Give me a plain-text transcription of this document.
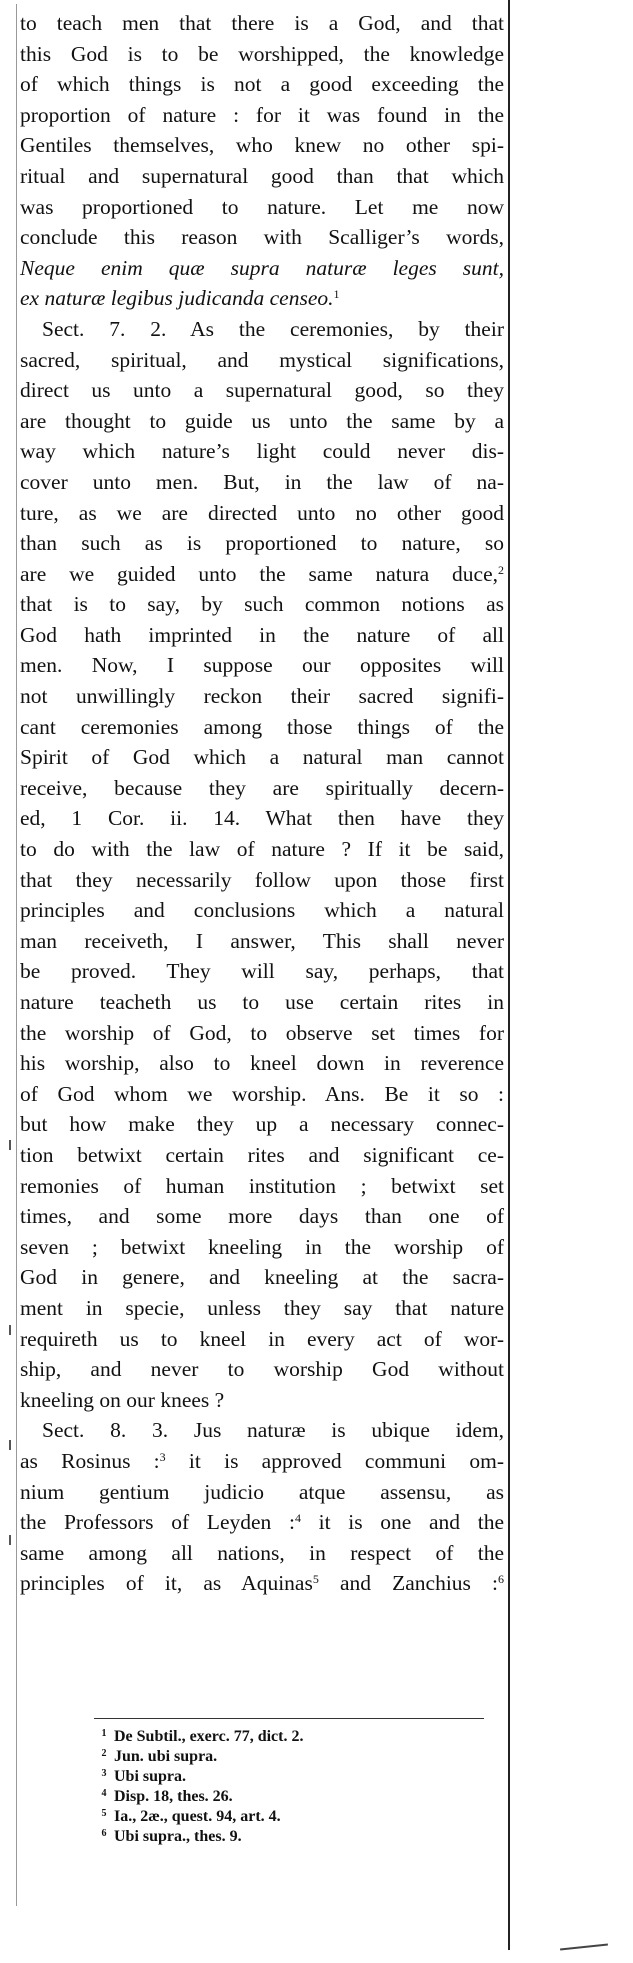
to teach men that there is a God, and that
this God is to be worshipped, the knowledge
of which things is not a good exceeding the
proportion of nature : for it was found in the
Gentiles themselves, who knew no other spi-
ritual and supernatural good than that which
was proportioned to nature. Let me now
conclude this reason with Scalliger’s words,
Neque enim quæ supra naturæ leges sunt,
ex naturæ legibus judicanda censeo.$^1$
Sect. 7. 2. As the ceremonies, by their
sacred, spiritual, and mystical significations,
direct us unto a supernatural good, so they
are thought to guide us unto the same by a
way which nature’s light could never dis-
cover unto men. But, in the law of na-
ture, as we are directed unto no other good
than such as is proportioned to nature, so
are we guided unto the same natura duce,$^2$
that is to say, by such common notions as
God hath imprinted in the nature of all
men. Now, I suppose our opposites will
not unwillingly reckon their sacred signifi-
cant ceremonies among those things of the
Spirit of God which a natural man cannot
receive, because they are spiritually decern-
ed, 1 Cor. ii. 14. What then have they
to do with the law of nature ? If it be said,
that they necessarily follow upon those first
principles and conclusions which a natural
man receiveth, I answer, This shall never
be proved. They will say, perhaps, that
nature teacheth us to use certain rites in
the worship of God, to observe set times for
his worship, also to kneel down in reverence
of God whom we worship. Ans. Be it so :
but how make they up a necessary connec-
tion betwixt certain rites and significant ce-
remonies of human institution ; betwixt set
times, and some more days than one of
seven ; betwixt kneeling in the worship of
God in genere, and kneeling at the sacra-
ment in specie, unless they say that nature
requireth us to kneel in every act of wor-
ship, and never to worship God without
kneeling on our knees ?
Sect. 8. 3. Jus naturæ is ubique idem,
as Rosinus :$^3$ it is approved communi om-
nium gentium judicio atque assensu, as
the Professors of Leyden :$^4$ it is one and the
same among all nations, in respect of the
principles of it, as Aquinas$^5$ and Zanchius :$^6$
1 De Subtil., exerc. 77, dict. 2.
2 Jun. ubi supra.
3 Ubi supra.
4 Disp. 18, thes. 26.
5 Ia., 2æ., quest. 94, art. 4.
6 Ubi supra., thes. 9.
